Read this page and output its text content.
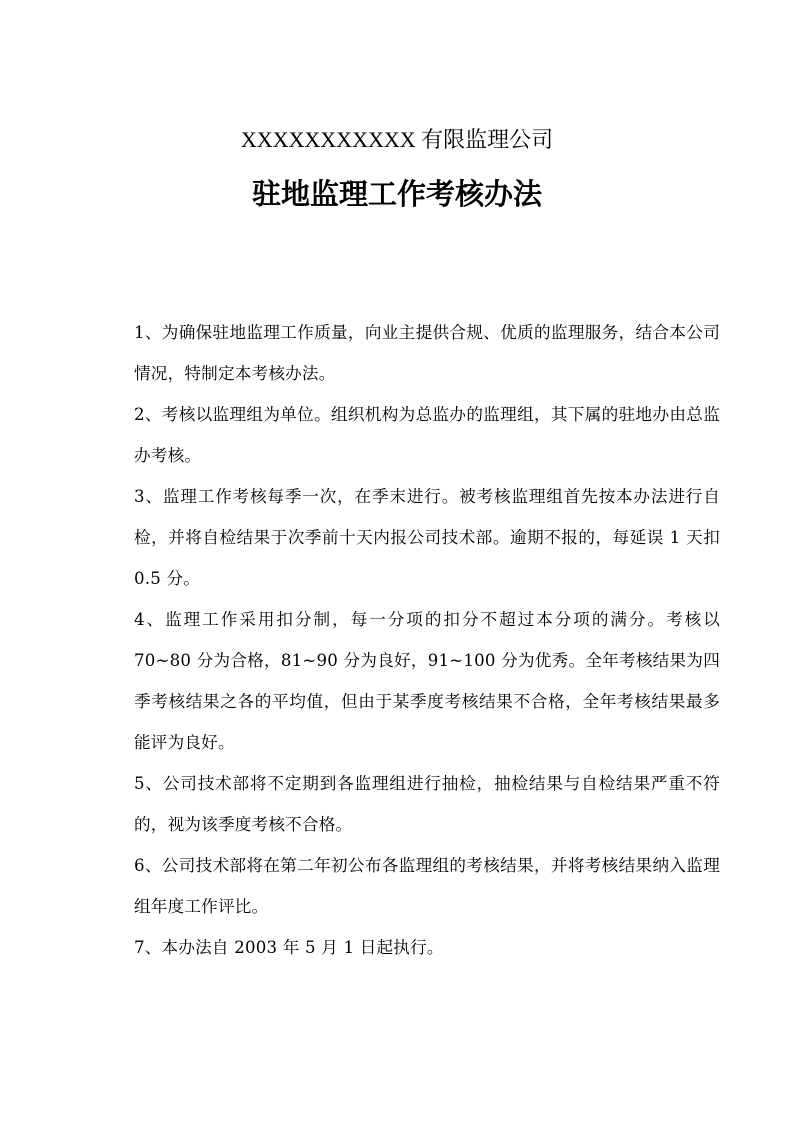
XXXXXXXXXXX 有限监理公司
驻地监理工作考核办法

1、为确保驻地监理工作质量，向业主提供合规、优质的监理服务，结合本公司情况，特制定本考核办法。

2、考核以监理组为单位。组织机构为总监办的监理组，其下属的驻地办由总监办考核。

3、监理工作考核每季一次，在季末进行。被考核监理组首先按本办法进行自检，并将自检结果于次季前十天内报公司技术部。逾期不报的，每延误 1 天扣 0.5 分。

4、监理工作采用扣分制，每一分项的扣分不超过本分项的满分。考核以 70~80 分为合格，81~90 分为良好，91~100 分为优秀。全年考核结果为四季考核结果之各的平均值，但由于某季度考核结果不合格，全年考核结果最多能评为良好。

5、公司技术部将不定期到各监理组进行抽检，抽检结果与自检结果严重不符的，视为该季度考核不合格。

6、公司技术部将在第二年初公布各监理组的考核结果，并将考核结果纳入监理组年度工作评比。

7、本办法自 2003 年 5 月 1 日起执行。
